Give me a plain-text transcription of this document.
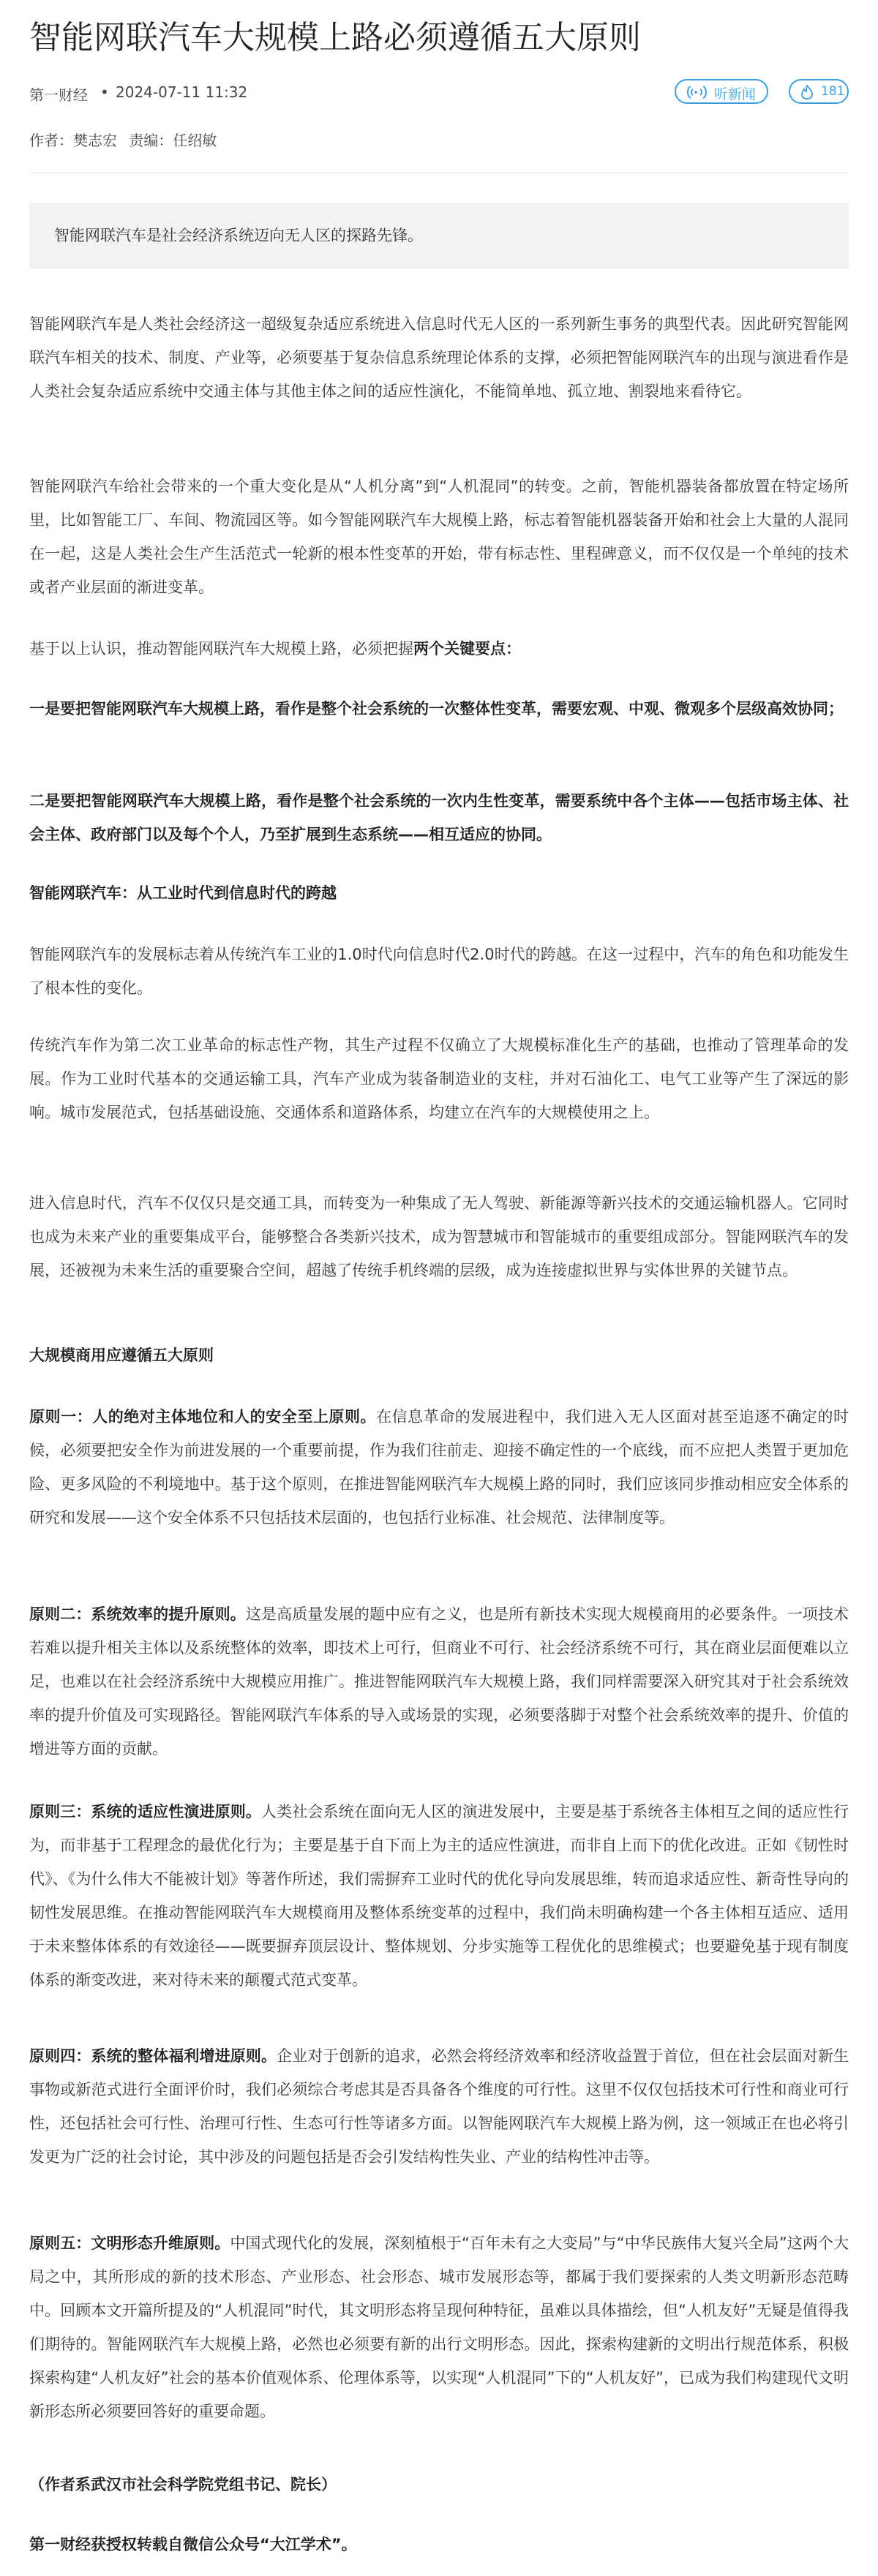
智能网联汽车大规模上路必须遵循五大原则
第一财经 • 2024-07-11 11:32	听新闻	181
作者：樊志宏 责编：任绍敏
智能网联汽车是社会经济系统迈向无人区的探路先锋。

智能网联汽车是人类社会经济这一超级复杂适应系统进入信息时代无人区的一系列新生事务的典型代表。因此研究智能网联汽车相关的技术、制度、产业等，必须要基于复杂信息系统理论体系的支撑，必须把智能网联汽车的出现与演进看作是人类社会复杂适应系统中交通主体与其他主体之间的适应性演化，不能简单地、孤立地、割裂地来看待它。

智能网联汽车给社会带来的一个重大变化是从“人机分离”到“人机混同”的转变。之前，智能机器装备都放置在特定场所里，比如智能工厂、车间、物流园区等。如今智能网联汽车大规模上路，标志着智能机器装备开始和社会上大量的人混同在一起，这是人类社会生产生活范式一轮新的根本性变革的开始，带有标志性、里程碑意义，而不仅仅是一个单纯的技术或者产业层面的渐进变革。

基于以上认识，推动智能网联汽车大规模上路，必须把握两个关键要点：

一是要把智能网联汽车大规模上路，看作是整个社会系统的一次整体性变革，需要宏观、中观、微观多个层级高效协同；

二是要把智能网联汽车大规模上路，看作是整个社会系统的一次内生性变革，需要系统中各个主体——包括市场主体、社会主体、政府部门以及每个个人，乃至扩展到生态系统——相互适应的协同。

智能网联汽车：从工业时代到信息时代的跨越

智能网联汽车的发展标志着从传统汽车工业的1.0时代向信息时代2.0时代的跨越。在这一过程中，汽车的角色和功能发生了根本性的变化。

传统汽车作为第二次工业革命的标志性产物，其生产过程不仅确立了大规模标准化生产的基础，也推动了管理革命的发展。作为工业时代基本的交通运输工具，汽车产业成为装备制造业的支柱，并对石油化工、电气工业等产生了深远的影响。城市发展范式，包括基础设施、交通体系和道路体系，均建立在汽车的大规模使用之上。

进入信息时代，汽车不仅仅只是交通工具，而转变为一种集成了无人驾驶、新能源等新兴技术的交通运输机器人。它同时也成为未来产业的重要集成平台，能够整合各类新兴技术，成为智慧城市和智能城市的重要组成部分。智能网联汽车的发展，还被视为未来生活的重要聚合空间，超越了传统手机终端的层级，成为连接虚拟世界与实体世界的关键节点。

大规模商用应遵循五大原则

原则一：人的绝对主体地位和人的安全至上原则。在信息革命的发展进程中，我们进入无人区面对甚至追逐不确定的时候，必须要把安全作为前进发展的一个重要前提，作为我们往前走、迎接不确定性的一个底线，而不应把人类置于更加危险、更多风险的不利境地中。基于这个原则，在推进智能网联汽车大规模上路的同时，我们应该同步推动相应安全体系的研究和发展——这个安全体系不只包括技术层面的，也包括行业标准、社会规范、法律制度等。

原则二：系统效率的提升原则。这是高质量发展的题中应有之义，也是所有新技术实现大规模商用的必要条件。一项技术若难以提升相关主体以及系统整体的效率，即技术上可行，但商业不可行、社会经济系统不可行，其在商业层面便难以立足，也难以在社会经济系统中大规模应用推广。推进智能网联汽车大规模上路，我们同样需要深入研究其对于社会系统效率的提升价值及可实现路径。智能网联汽车体系的导入或场景的实现，必须要落脚于对整个社会系统效率的提升、价值的增进等方面的贡献。

原则三：系统的适应性演进原则。人类社会系统在面向无人区的演进发展中，主要是基于系统各主体相互之间的适应性行为，而非基于工程理念的最优化行为；主要是基于自下而上为主的适应性演进，而非自上而下的优化改进。正如《韧性时代》、《为什么伟大不能被计划》等著作所述，我们需摒弃工业时代的优化导向发展思维，转而追求适应性、新奇性导向的韧性发展思维。在推动智能网联汽车大规模商用及整体系统变革的过程中，我们尚未明确构建一个各主体相互适应、适用于未来整体体系的有效途径——既要摒弃顶层设计、整体规划、分步实施等工程优化的思维模式；也要避免基于现有制度体系的渐变改进，来对待未来的颠覆式范式变革。

原则四：系统的整体福利增进原则。企业对于创新的追求，必然会将经济效率和经济收益置于首位，但在社会层面对新生事物或新范式进行全面评价时，我们必须综合考虑其是否具备各个维度的可行性。这里不仅仅包括技术可行性和商业可行性，还包括社会可行性、治理可行性、生态可行性等诸多方面。以智能网联汽车大规模上路为例，这一领域正在也必将引发更为广泛的社会讨论，其中涉及的问题包括是否会引发结构性失业、产业的结构性冲击等。

原则五：文明形态升维原则。中国式现代化的发展，深刻植根于“百年未有之大变局”与“中华民族伟大复兴全局”这两个大局之中，其所形成的新的技术形态、产业形态、社会形态、城市发展形态等，都属于我们要探索的人类文明新形态范畴中。回顾本文开篇所提及的“人机混同”时代，其文明形态将呈现何种特征，虽难以具体描绘，但“人机友好”无疑是值得我们期待的。智能网联汽车大规模上路，必然也必须要有新的出行文明形态。因此，探索构建新的文明出行规范体系，积极探索构建“人机友好”社会的基本价值观体系、伦理体系等，以实现“人机混同”下的“人机友好”，已成为我们构建现代文明新形态所必须要回答好的重要命题。

（作者系武汉市社会科学院党组书记、院长）

第一财经获授权转载自微信公众号“大江学术”。
